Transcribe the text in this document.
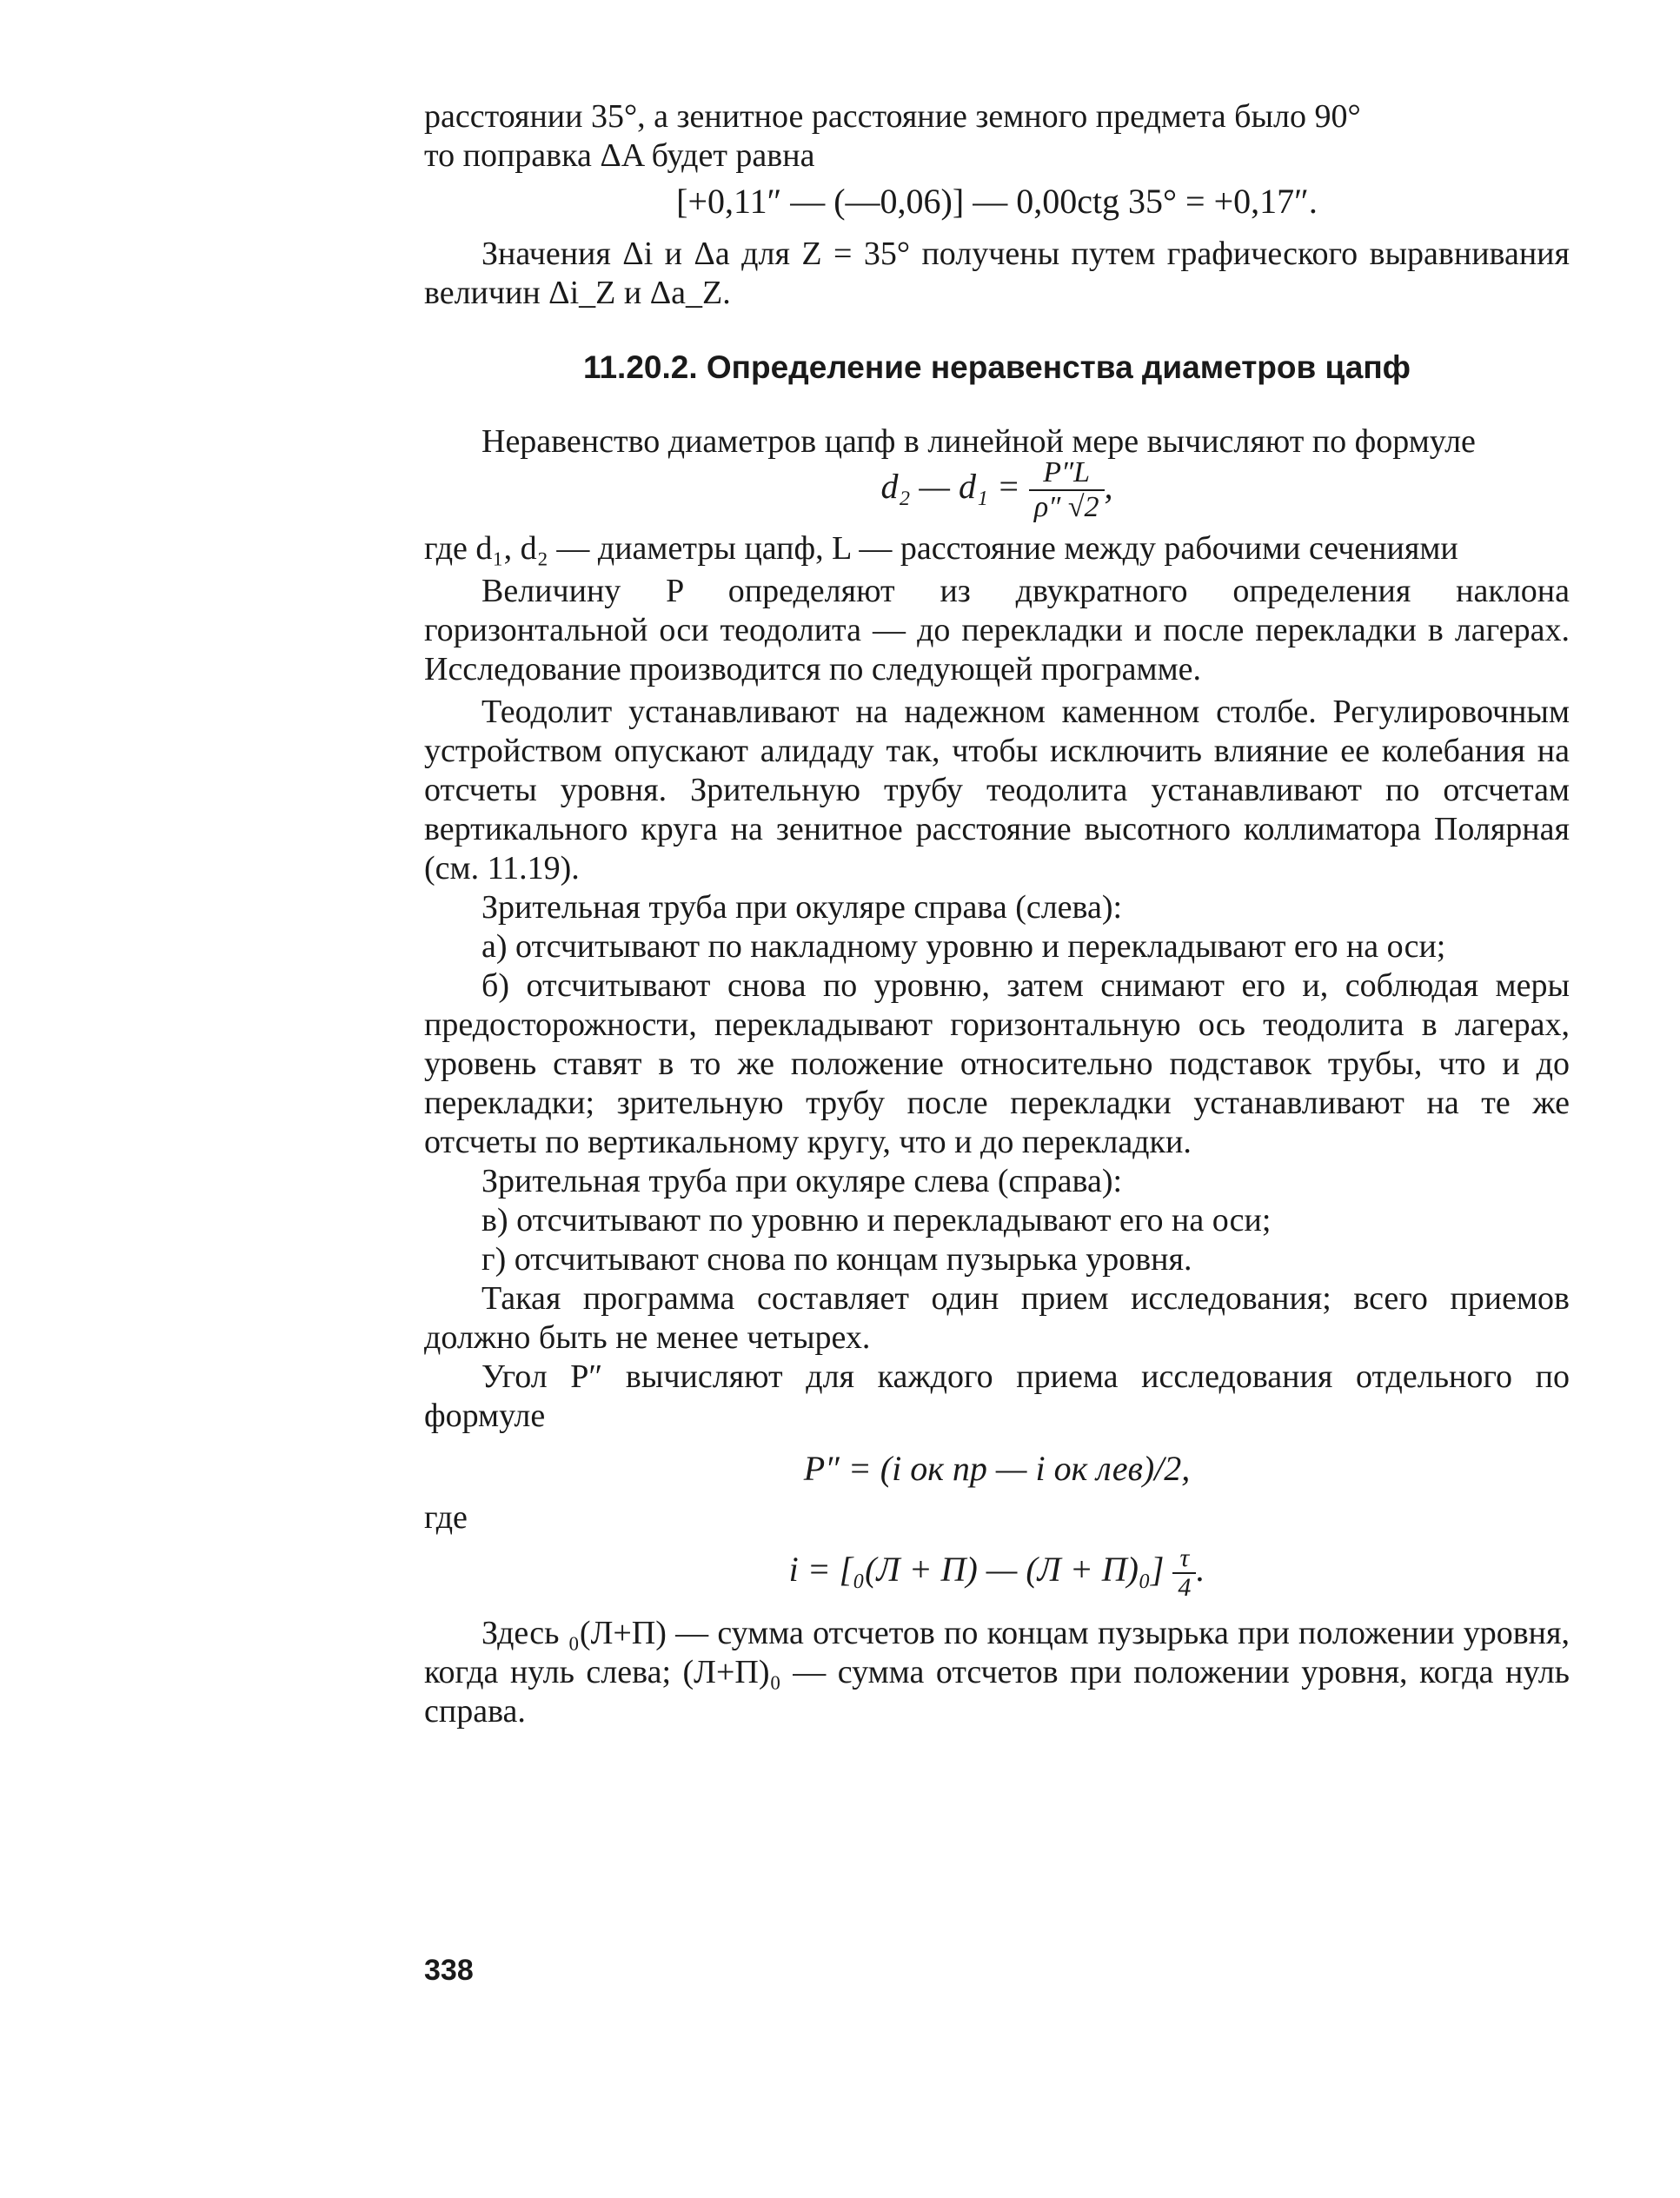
расстоянии 35°, а зенитное расстояние земного предмета было 90°

то поправка ΔA будет равна

[+0,11″ — (—0,06)] — 0,00ctg 35° = +0,17″.

Значения Δi и Δa для Z = 35° получены путем графического выравнивания величин Δi_Z и Δa_Z.

11.20.2. Определение неравенства диаметров цапф

Неравенство диаметров цапф в линейной мере вычисляют по формуле

d₂ — $d_1 = \frac{P''L}{\rho'' √2}$ ,

где d₁, d₂ — диаметры цапф, L — расстояние между рабочими сечениями

Величину P определяют из двукратного определения наклона горизонтальной оси теодолита — до перекладки и после перекладки в лагерах. Исследование производится по следующей программе.

Теодолит устанавливают на надежном каменном столбе. Регулировочным устройством опускают алидаду так, чтобы исключить влияние ее колебания на отсчеты уровня. Зрительную трубу теодолита устанавливают по отсчетам вертикального круга на зенитное расстояние высотного коллиматора Полярная (см. 11.19).

Зрительная труба при окуляре справа (слева):

а) отсчитывают по накладному уровню и перекладывают его на оси;

б) отсчитывают снова по уровню, затем снимают его и, соблюдая меры предосторожности, перекладывают горизонтальную ось теодолита в лагерах, уровень ставят в то же положение относительно подставок трубы, что и до перекладки; зрительную трубу после перекладки устанавливают на те же отсчеты по вертикальному кругу, что и до перекладки.

Зрительная труба при окуляре слева (справа):

в) отсчитывают по уровню и перекладывают его на оси;

г) отсчитывают снова по концам пузырька уровня.

Такая программа составляет один прием исследования; всего приемов должно быть не менее четырех.

Угол P″ вычисляют для каждого приема исследования отдельного по формуле

P″ = (i ок пр — i ок лев)/2,

где

i = [₀(Л + П) — $(Л + П)_0] \frac{\tau}{4}$ .

Здесь ₀(Л+П) — сумма отсчетов по концам пузырька при положении уровня, когда нуль слева; (Л+П)₀ — сумма отсчетов при положении уровня, когда нуль справа.

338
